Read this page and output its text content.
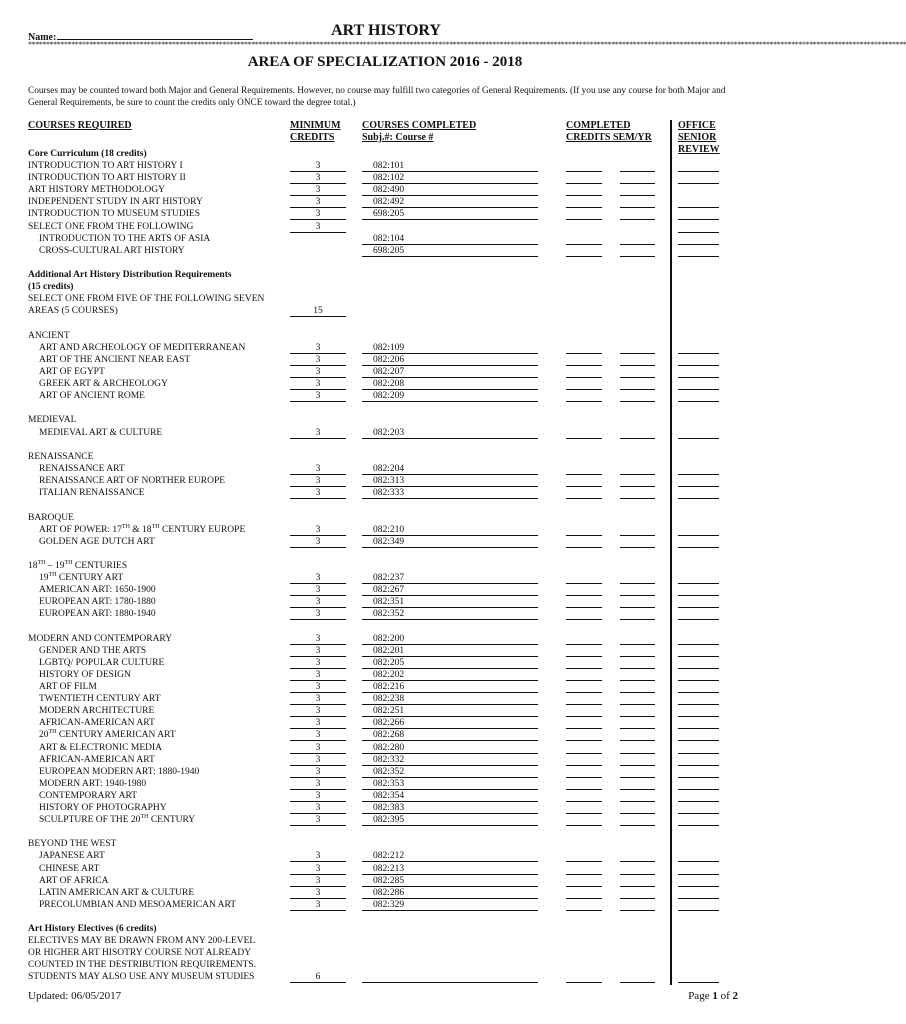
Name:	ART HISTORY
****************************************************************************************************************************************************************************************************************************************************
AREA OF SPECIALIZATION 2016 - 2018
Courses may be counted toward both Major and General Requirements. However, no course may fulfill two categories of General Requirements. (If you use any course for both Major and General Requirements, be sure to count the credits only ONCE toward the degree total.)
COURSES REQUIRED	MINIMUM
CREDITS
COURSES COMPLETED
Subj.#: Course #
COMPLETED
CREDITS SEM/YR
OFFICE
SENIOR
REVIEW
Core Curriculum (18 credits)
INTRODUCTION TO ART HISTORY I	3	082:101
INTRODUCTION TO ART HISTORY II	3	082:102
ART HISTORY METHODOLOGY	3	082:490
INDEPENDENT STUDY IN ART HISTORY	3	082:492
INTRODUCTION TO MUSEUM STUDIES	3	698:205
SELECT ONE FROM THE FOLLOWING	3
INTRODUCTION TO THE ARTS OF ASIA	082:104
CROSS-CULTURAL ART HISTORY	698:205
Additional Art History Distribution Requirements
(15 credits)
SELECT ONE FROM FIVE OF THE FOLLOWING SEVEN
AREAS (5 COURSES)	15
ANCIENT
ART AND ARCHEOLOGY OF MEDITERRANEAN	3	082:109
ART OF THE ANCIENT NEAR EAST	3	082:206
ART OF EGYPT	3	082:207
GREEK ART & ARCHEOLOGY	3	082:208
ART OF ANCIENT ROME	3	082:209
MEDIEVAL
MEDIEVAL ART & CULTURE	3	082:203
RENAISSANCE
RENAISSANCE ART	3	082:204
RENAISSANCE ART OF NORTHER EUROPE	3	082:313
ITALIAN RENAISSANCE	3	082:333
BAROQUE
ART OF POWER: 17TH & 18TH CENTURY EUROPE	3	082:210
GOLDEN AGE DUTCH ART	3	082:349
18TH – 19TH CENTURIES
19TH CENTURY ART	3	082:237
AMERICAN ART: 1650-1900	3	082:267
EUROPEAN ART: 1780-1880	3	082:351
EUROPEAN ART: 1880-1940	3	082:352
MODERN AND CONTEMPORARY	3	082:200
GENDER AND THE ARTS	3	082:201
LGBTQ/ POPULAR CULTURE	3	082:205
HISTORY OF DESIGN	3	082:202
ART OF FILM	3	082:216
TWENTIETH CENTURY ART	3	082:238
MODERN ARCHITECTURE	3	082:251
AFRICAN-AMERICAN ART	3	082:266
20TH CENTURY AMERICAN ART	3	082:268
ART & ELECTRONIC MEDIA	3	082:280
AFRICAN-AMERICAN ART	3	082:332
EUROPEAN MODERN ART: 1880-1940	3	082:352
MODERN ART: 1940-1980	3	082:353
CONTEMPORARY ART	3	082:354
HISTORY OF PHOTOGRAPHY	3	082:383
SCULPTURE OF THE 20TH CENTURY	3	082:395
BEYOND THE WEST
JAPANESE ART	3	082:212
CHINESE ART	3	082:213
ART OF AFRICA	3	082:285
LATIN AMERICAN ART & CULTURE	3	082:286
PRECOLUMBIAN AND MESOAMERICAN ART	3	082:329
Art History Electives (6 credits)
ELECTIVES MAY BE DRAWN FROM ANY 200-LEVEL
OR HIGHER ART HISOTRY COURSE NOT ALREADY
COUNTED IN THE DESTRIBUTION REQUIREMENTS.
STUDENTS MAY ALSO USE ANY MUSEUM STUDIES	6
Updated: 06/05/2017	Page 1 of 2
